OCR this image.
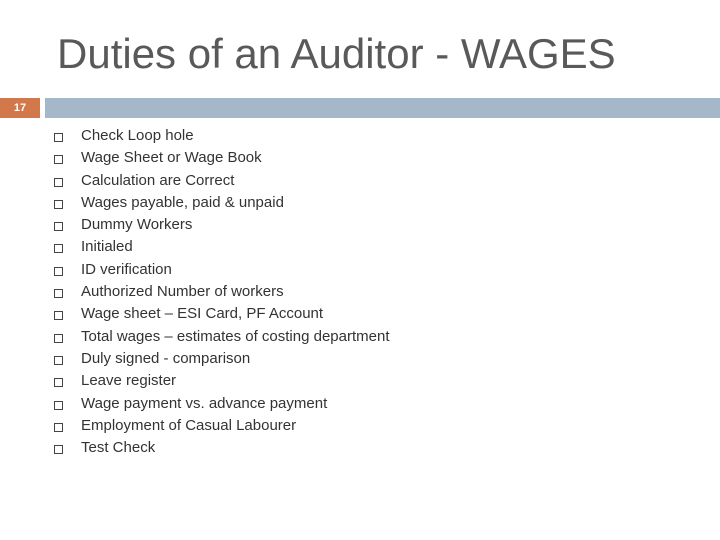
Duties of an Auditor - WAGES
17
Check Loop hole
Wage Sheet or Wage Book
Calculation are Correct
Wages payable, paid & unpaid
Dummy Workers
Initialed
ID verification
Authorized Number of workers
Wage sheet – ESI Card, PF Account
Total wages – estimates of costing department
Duly signed - comparison
Leave register
Wage payment vs. advance payment
Employment of Casual Labourer
Test Check
